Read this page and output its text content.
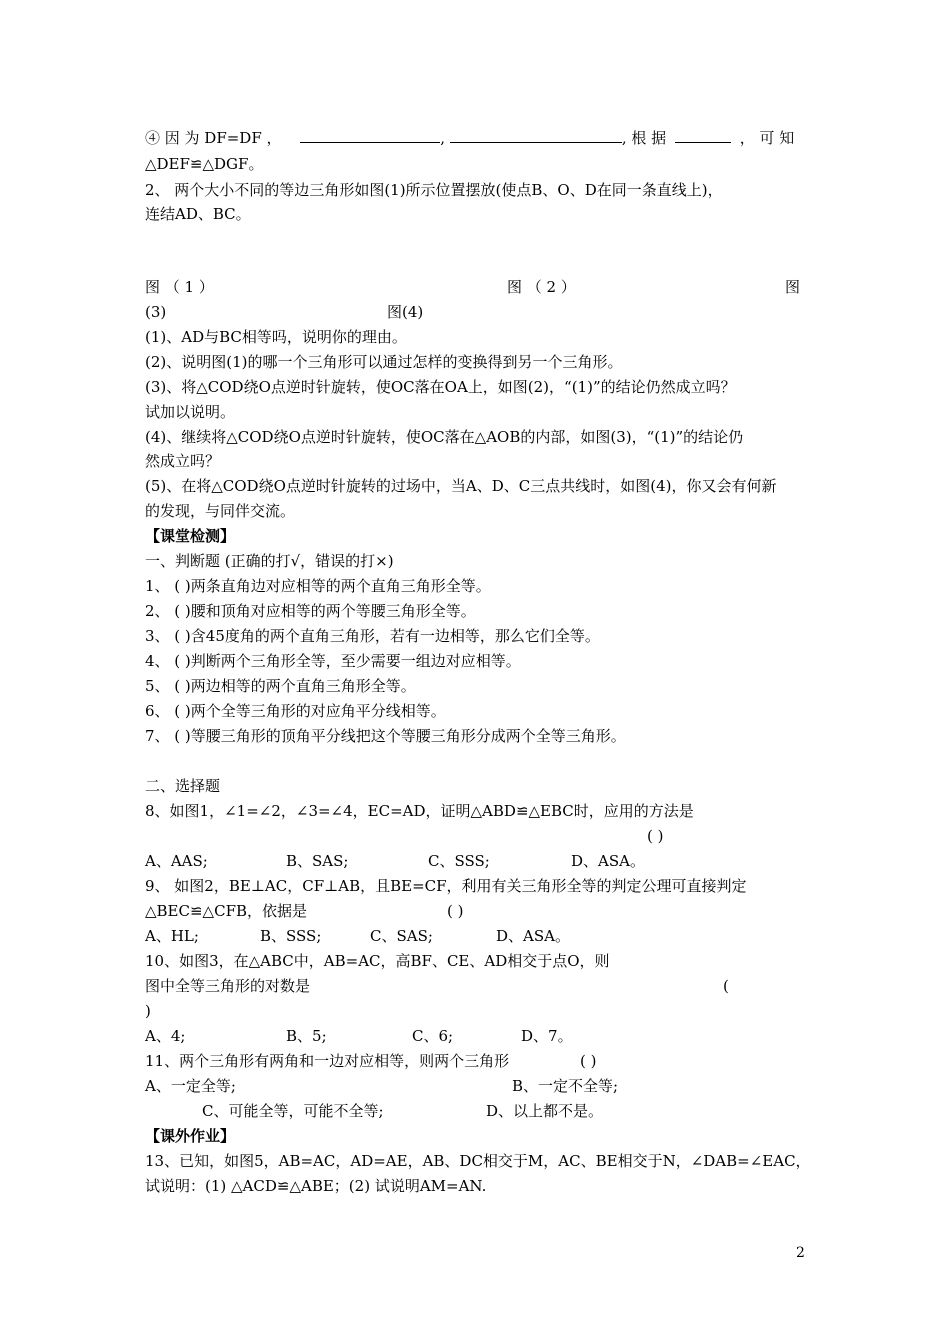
④ 因 为 DF=DF ，	,	, 根 据	， 可 知
△DEF≌△DGF。
2、 两个大小不同的等边三角形如图(1)所示位置摆放(使点B、O、D在同一条直线上)，
连结AD、BC。
图 （ 1 ）	图 （ 2 ）	图
(3)	图(4)
(1)、AD与BC相等吗，说明你的理由。
(2)、说明图(1)的哪一个三角形可以通过怎样的变换得到另一个三角形。
(3)、将△COD绕O点逆时针旋转，使OC落在OA上，如图(2)，“(1)”的结论仍然成立吗？
试加以说明。
(4)、继续将△COD绕O点逆时针旋转，使OC落在△AOB的内部，如图(3)，“(1)”的结论仍
然成立吗？
(5)、在将△COD绕O点逆时针旋转的过场中，当A、D、C三点共线时，如图(4)，你又会有何新
的发现，与同伴交流。
【课堂检测】
一、判断题 (正确的打√，错误的打×)
1、 ( )两条直角边对应相等的两个直角三角形全等。
2、 ( )腰和顶角对应相等的两个等腰三角形全等。
3、 ( )含45度角的两个直角三角形，若有一边相等，那么它们全等。
4、 ( )判断两个三角形全等，至少需要一组边对应相等。
5、 ( )两边相等的两个直角三角形全等。
6、 ( )两个全等三角形的对应角平分线相等。
7、 ( )等腰三角形的顶角平分线把这个等腰三角形分成两个全等三角形。
二、选择题
8、如图1，∠1=∠2，∠3=∠4，EC=AD，证明△ABD≌△EBC时，应用的方法是
( )
A、AAS;	B、SAS;	C、SSS;	D、ASA。
9、 如图2，BE⊥AC，CF⊥AB，且BE=CF，利用有关三角形全等的判定公理可直接判定
△BEC≌△CFB，依据是	( )
A、HL;	B、SSS;	C、SAS;	D、ASA。
10、如图3，在△ABC中，AB=AC，高BF、CE、AD相交于点O，则
图中全等三角形的对数是	(
)
A、4;	B、5;	C、6;	D、7。
11、两个三角形有两角和一边对应相等，则两个三角形	( )
A、一定全等;	B、一定不全等;
C、可能全等，可能不全等;	D、以上都不是。
【课外作业】
13、已知，如图5，AB=AC，AD=AE，AB、DC相交于M，AC、BE相交于N，∠DAB=∠EAC，
试说明：(1) △ACD≌△ABE；(2) 试说明AM=AN.
2
